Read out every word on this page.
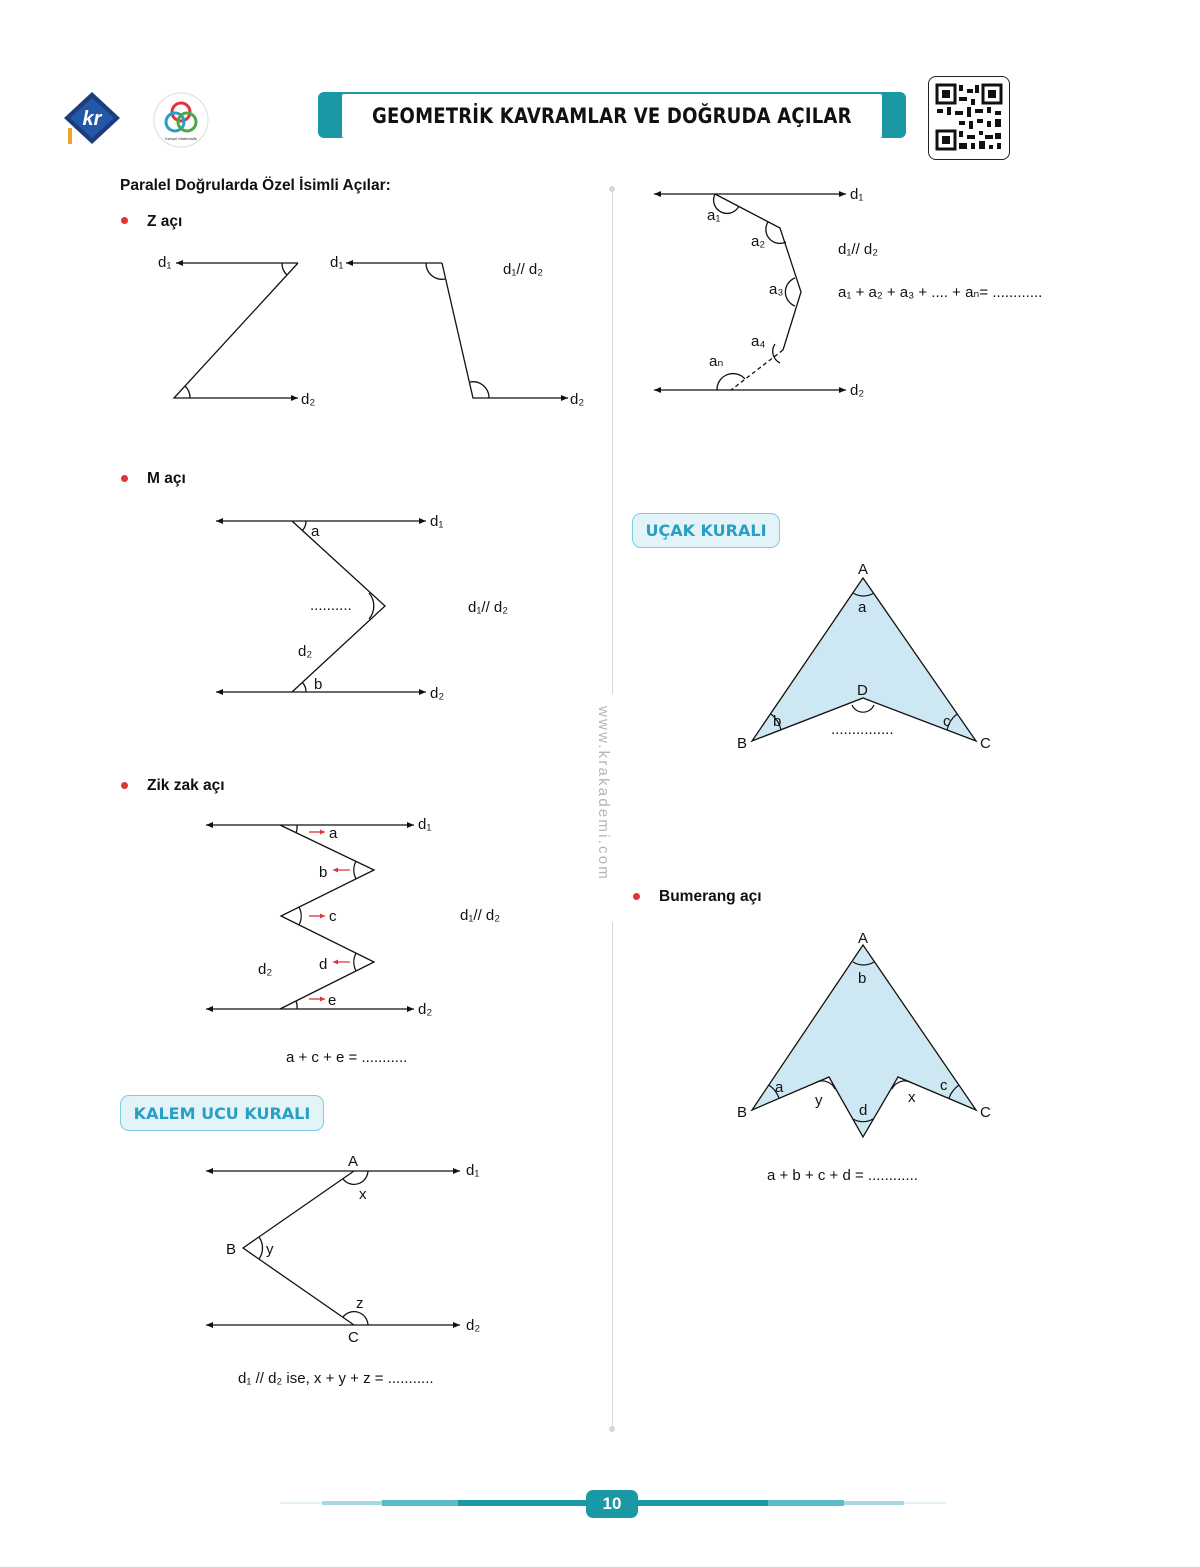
kr
Kavşel Matematik
GEOMETRİK KAVRAMLAR VE DOĞRUDA AÇILAR
www.krakademi.com
Paralel Doğrularda Özel İsimli Açılar:
Z açı
M açı
Zik zak açı
KALEM UCU KURALI
UÇAK KURALI
Bumerang açı
d₁
d₂
d₁
d₂
d₁// d₂
d₁
d₂
d₂
a
b
..........	d₁// d₂
d₁
d₂
d₂
a
b
c
d
e
d₁// d₂
a + c + e = ...........
A
B
C
x
y
z
d₁
d₂
d₁ // d₂ ise, x + y + z = ...........
d₁
d₂
a₁
a₂
a₃
a₄
aₙ
d₁// d₂
a₁ + a₂ + a₃ + .... + aₙ= ............
A
B	C
D
a
b	c
...............
A
B	C
b
a
y
d
x
c
a + b + c + d = ............
10
